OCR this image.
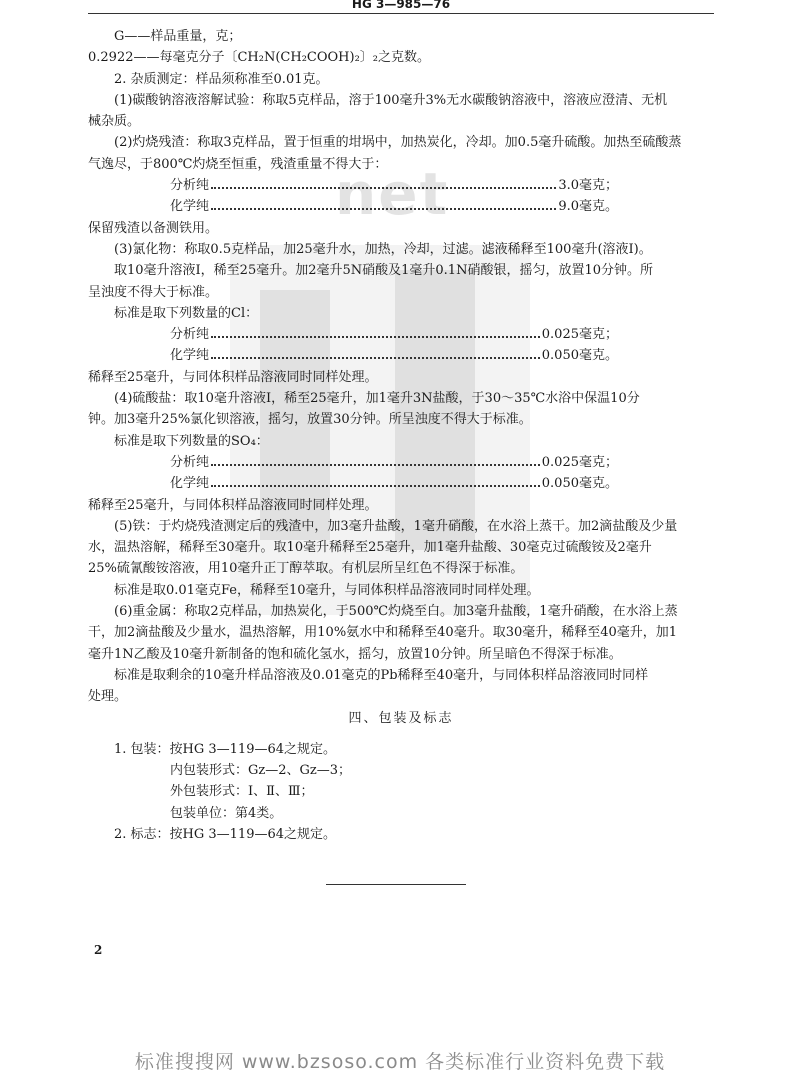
net
HG 3—985—76
G——样品重量，克；
0.2922——每毫克分子〔CH₂N(CH₂COOH)₂〕₂之克数。
2. 杂质测定：样品须称准至0.01克。
(1)碳酸钠溶液溶解试验：称取5克样品，溶于100毫升3%无水碳酸钠溶液中，溶液应澄清、无机
械杂质。
(2)灼烧残渣：称取3克样品，置于恒重的坩埚中，加热炭化，冷却。加0.5毫升硫酸。加热至硫酸蒸
气逸尽，于800℃灼烧至恒重，残渣重量不得大于：
分析纯	3.0毫克；
化学纯	9.0毫克。
保留残渣以备测铁用。
(3)氯化物：称取0.5克样品，加25毫升水，加热，冷却，过滤。滤液稀释至100毫升(溶液Ⅰ)。
取10毫升溶液Ⅰ，稀至25毫升。加2毫升5N硝酸及1毫升0.1N硝酸银，摇匀，放置10分钟。所
呈浊度不得大于标准。
标准是取下列数量的Cl：
分析纯	0.025毫克；
化学纯	0.050毫克。
稀释至25毫升，与同体积样品溶液同时同样处理。
(4)硫酸盐：取10毫升溶液Ⅰ，稀至25毫升，加1毫升3N盐酸，于30～35℃水浴中保温10分
钟。加3毫升25%氯化钡溶液，摇匀，放置30分钟。所呈浊度不得大于标准。
标准是取下列数量的SO₄：
分析纯	0.025毫克；
化学纯	0.050毫克。
稀释至25毫升，与同体积样品溶液同时同样处理。
(5)铁：于灼烧残渣测定后的残渣中，加3毫升盐酸，1毫升硝酸，在水浴上蒸干。加2滴盐酸及少量
水，温热溶解，稀释至30毫升。取10毫升稀释至25毫升，加1毫升盐酸、30毫克过硫酸铵及2毫升
25%硫氰酸铵溶液，用10毫升正丁醇萃取。有机层所呈红色不得深于标准。
标准是取0.01毫克Fe，稀释至10毫升，与同体积样品溶液同时同样处理。
(6)重金属：称取2克样品，加热炭化，于500℃灼烧至白。加3毫升盐酸，1毫升硝酸，在水浴上蒸
干，加2滴盐酸及少量水，温热溶解，用10%氨水中和稀释至40毫升。取30毫升，稀释至40毫升，加1
毫升1N乙酸及10毫升新制备的饱和硫化氢水，摇匀，放置10分钟。所呈暗色不得深于标准。
标准是取剩余的10毫升样品溶液及0.01毫克的Pb稀释至40毫升，与同体积样品溶液同时同样
处理。
四、包装及标志
1. 包装：按HG 3—119—64之规定。
内包装形式：Gz—2、Gz—3；
外包装形式：Ⅰ、Ⅱ、Ⅲ；
包装单位：第4类。
2. 标志：按HG 3—119—64之规定。
2
标准搜搜网 www.bzsoso.com 各类标准行业资料免费下载
